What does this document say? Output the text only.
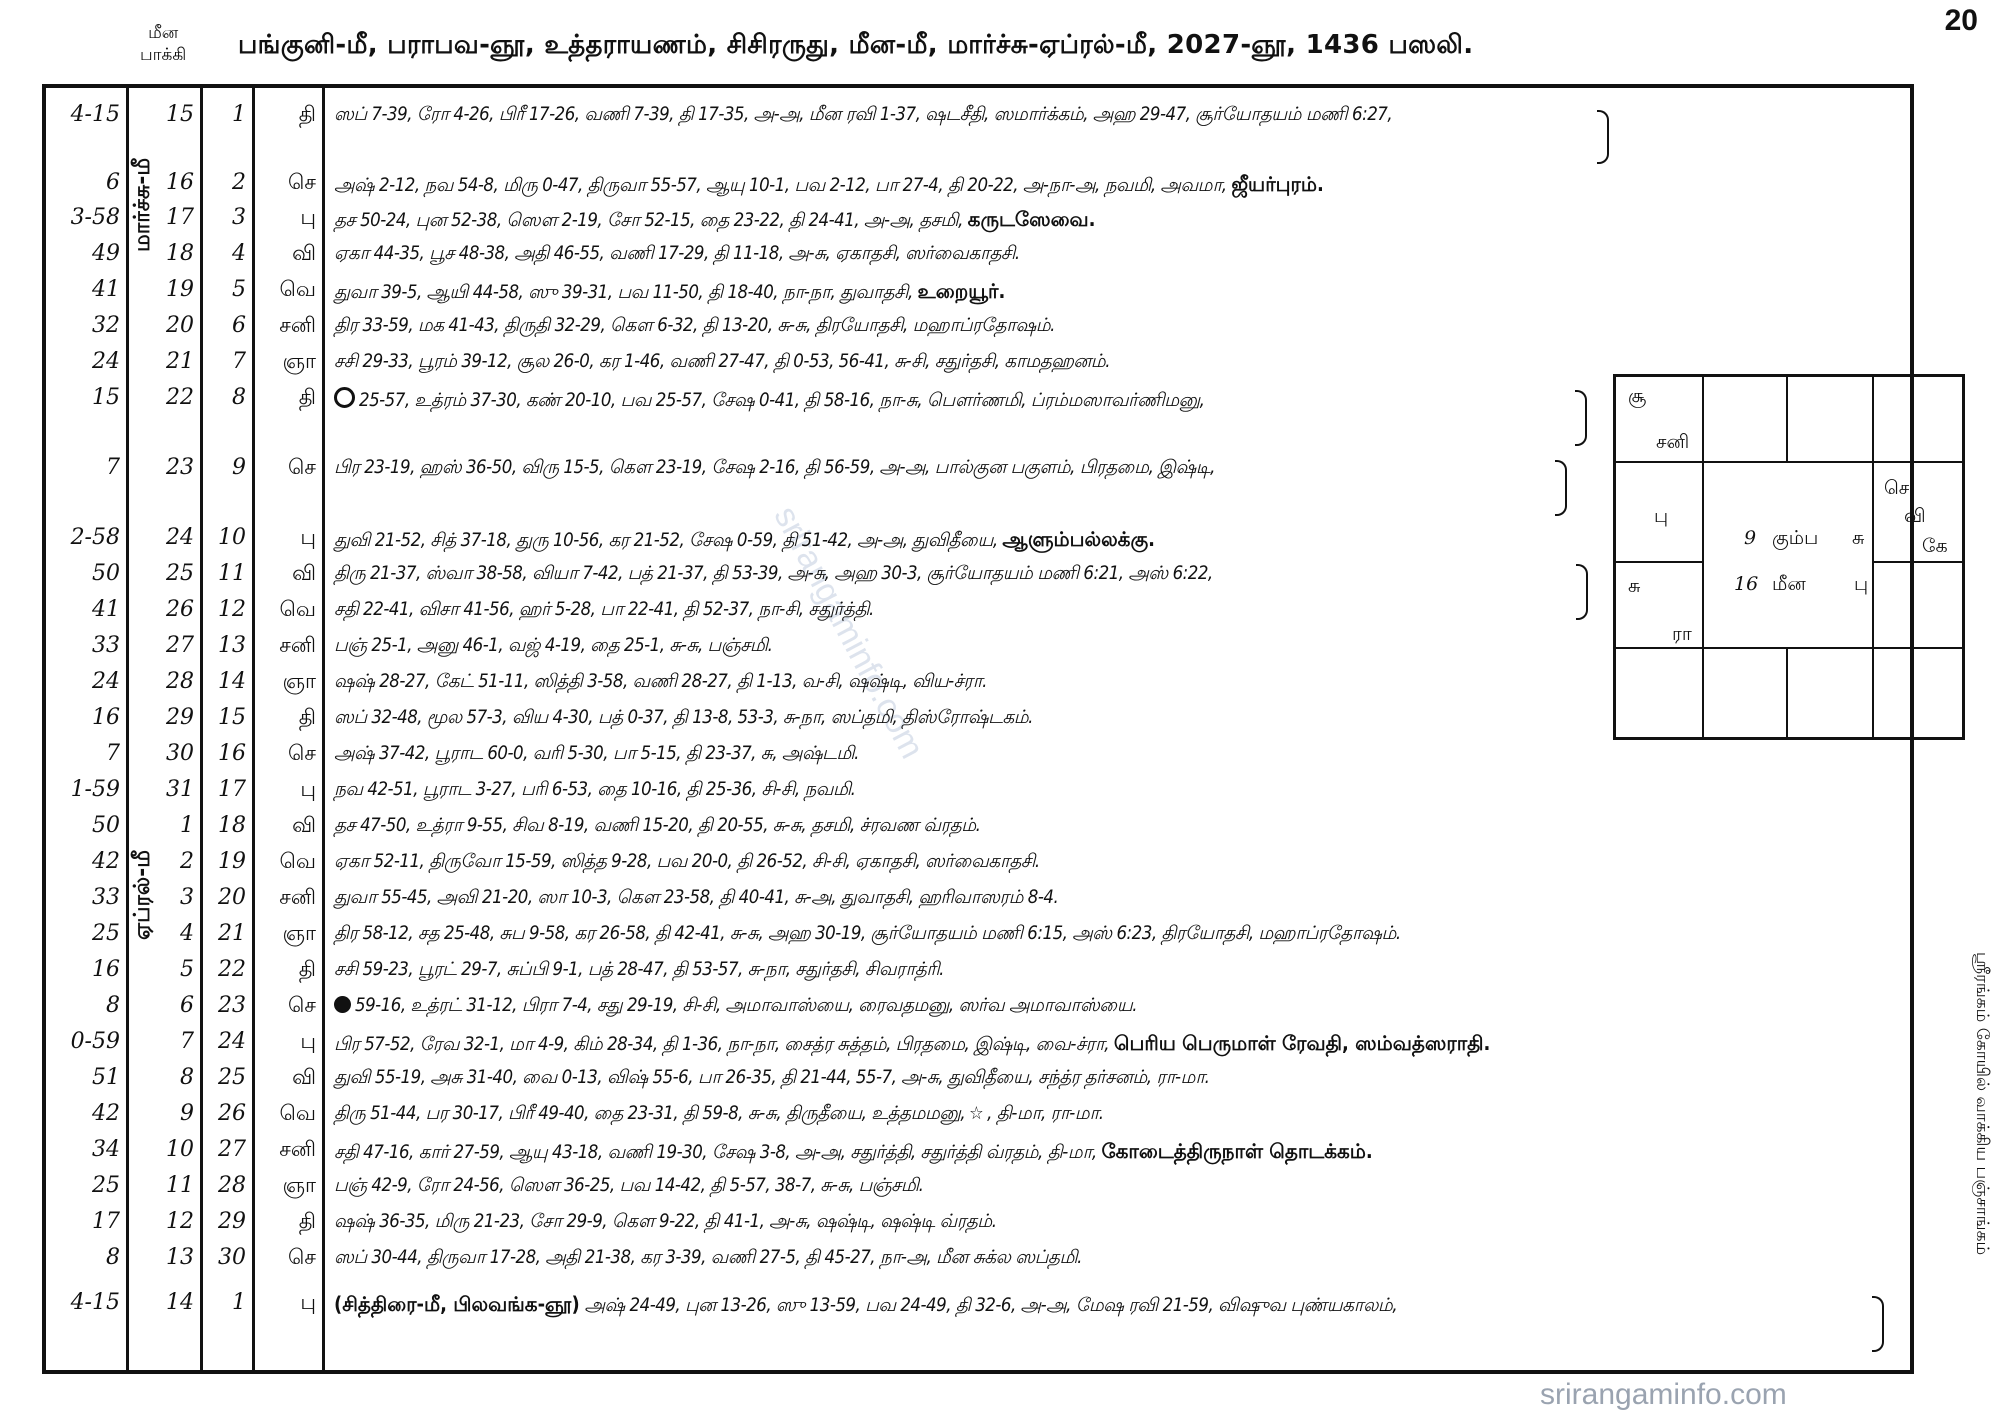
மீன
பாக்கி பங்குனி-மீ, பராபவ-ஞூ, உத்தராயணம், சிசிரருது, மீன-மீ, மார்ச்சு-ஏப்ரல்-மீ, 2027-ஞூ, 1436 பஸலி.
20
srirangaminfo.com
மார்ச்சு-மீ
ஏப்ரல்-மீ
4-15	15	1	தி ஸப் 7-39, ரோ 4-26, பிரீ 17-26, வணி 7-39, தி 17-35, அ-அ, மீன ரவி 1-37, ஷடசீதி, ஸமார்க்கம், அஹ 29-47, சூர்யோதயம் மணி 6:27,
6	16	2	செ அஷ் 2-12, நவ 54-8, மிரு 0-47, திருவா 55-57, ஆயு 10-1, பவ 2-12, பா 27-4, தி 20-22, அ-நா-அ, நவமி, அவமா, ஜீயர்புரம்.
3-58	17	3	பு தச 50-24, புன 52-38, ஸௌ 2-19, சோ 52-15, தை 23-22, தி 24-41, அ-அ, தசமி, கருடஸேவை.
49	18	4	வி ஏகா 44-35, பூச 48-38, அதி 46-55, வணி 17-29, தி 11-18, அ-சு, ஏகாதசி, ஸர்வைகாதசி.
41	19	5	வெ துவா 39-5, ஆயி 44-58, ஸு 39-31, பவ 11-50, தி 18-40, நா-நா, துவாதசி, உறையூர்.
32	20	6	சனி திர 33-59, மக 41-43, திருதி 32-29, கௌ 6-32, தி 13-20, சு-சு, திரயோதசி, மஹாப்ரதோஷம்.
24	21	7	ஞா சசி 29-33, பூரம் 39-12, சூல 26-0, கர 1-46, வணி 27-47, தி 0-53, 56-41, சு-சி, சதுர்தசி, காமதஹனம்.
15	22	8	தி	25-57, உத்ரம் 37-30, கண் 20-10, பவ 25-57, சேஷ 0-41, தி 58-16, நா-சு, பௌர்ணமி, ப்ரம்மஸாவர்ணிமனு,
7	23	9	செ பிர 23-19, ஹஸ் 36-50, விரு 15-5, கௌ 23-19, சேஷ 2-16, தி 56-59, அ-அ, பால்குன பகுளம், பிரதமை, இஷ்டி,
2-58	24	10	பு துவி 21-52, சித் 37-18, துரு 10-56, கர 21-52, சேஷ 0-59, தி 51-42, அ-அ, துவிதீயை, ஆளும்பல்லக்கு.
50	25	11	வி திரு 21-37, ஸ்வா 38-58, வியா 7-42, பத் 21-37, தி 53-39, அ-சு, அஹ 30-3, சூர்யோதயம் மணி 6:21, அஸ் 6:22,
41	26	12	வெ சதி 22-41, விசா 41-56, ஹர் 5-28, பா 22-41, தி 52-37, நா-சி, சதுர்த்தி.
33	27	13	சனி பஞ் 25-1, அனு 46-1, வஜ் 4-19, தை 25-1, சு-சு, பஞ்சமி.
24	28	14	ஞா ஷஷ் 28-27, கேட் 51-11, ஸித்தி 3-58, வணி 28-27, தி 1-13, வ-சி, ஷஷ்டி, விய-ச்ரா.
16	29	15	தி ஸப் 32-48, மூல 57-3, விய 4-30, பத் 0-37, தி 13-8, 53-3, சு-நா, ஸப்தமி, திஸ்ரோஷ்டகம்.
7	30	16	செ அஷ் 37-42, பூராட 60-0, வரி 5-30, பா 5-15, தி 23-37, சு, அஷ்டமி.
1-59	31	17	பு நவ 42-51, பூராட 3-27, பரி 6-53, தை 10-16, தி 25-36, சி-சி, நவமி.
50	1	18	வி தச 47-50, உத்ரா 9-55, சிவ 8-19, வணி 15-20, தி 20-55, சு-சு, தசமி, ச்ரவண வ்ரதம்.
42	2	19	வெ ஏகா 52-11, திருவோ 15-59, ஸித்த 9-28, பவ 20-0, தி 26-52, சி-சி, ஏகாதசி, ஸர்வைகாதசி.
33	3	20	சனி துவா 55-45, அவி 21-20, ஸா 10-3, கௌ 23-58, தி 40-41, சு-அ, துவாதசி, ஹரிவாஸரம் 8-4.
25	4	21	ஞா திர 58-12, சத 25-48, சுப 9-58, கர 26-58, தி 42-41, சு-சு, அஹ 30-19, சூர்யோதயம் மணி 6:15, அஸ் 6:23, திரயோதசி, மஹாப்ரதோஷம்.
16	5	22	தி சசி 59-23, பூரட் 29-7, சுப்பி 9-1, பத் 28-47, தி 53-57, சு-நா, சதுர்தசி, சிவராத்ரி.
8	6	23	செ	59-16, உத்ரட் 31-12, பிரா 7-4, சது 29-19, சி-சி, அமாவாஸ்யை, ரைவதமனு, ஸர்வ அமாவாஸ்யை.
0-59	7	24	பு பிர 57-52, ரேவ 32-1, மா 4-9, கிம் 28-34, தி 1-36, நா-நா, சைத்ர சுத்தம், பிரதமை, இஷ்டி, வை-ச்ரா, பெரிய பெருமாள் ரேவதி, ஸம்வத்ஸராதி.
51	8	25	வி துவி 55-19, அசு 31-40, வை 0-13, விஷ் 55-6, பா 26-35, தி 21-44, 55-7, அ-சு, துவிதீயை, சந்த்ர தர்சனம், ரா-மா.
42	9	26	வெ திரு 51-44, பர 30-17, பிரீ 49-40, தை 23-31, தி 59-8, சு-சு, திருதீயை, உத்தமமனு, ☆ , தி-மா, ரா-மா.
34	10	27	சனி சதி 47-16, கார் 27-59, ஆயு 43-18, வணி 19-30, சேஷ 3-8, அ-அ, சதுர்த்தி, சதுர்த்தி வ்ரதம், தி-மா, கோடைத்திருநாள் தொடக்கம்.
25	11	28	ஞா பஞ் 42-9, ரோ 24-56, ஸௌ 36-25, பவ 14-42, தி 5-57, 38-7, சு-சு, பஞ்சமி.
17	12	29	தி ஷஷ் 36-35, மிரு 21-23, சோ 29-9, கௌ 9-22, தி 41-1, அ-சு, ஷஷ்டி, ஷஷ்டி வ்ரதம்.
8	13	30	செ ஸப் 30-44, திருவா 17-28, அதி 21-38, கர 3-39, வணி 27-5, தி 45-27, நா-அ, மீன சுக்ல ஸப்தமி.
4-15	14	1	பு (சித்திரை-மீ, பிலவங்க-ஞூ) அஷ் 24-49, புன 13-26, ஸு 13-59, பவ 24-49, தி 32-6, அ-அ, மேஷ ரவி 21-59, விஷுவ புண்யகாலம்,
சூ
சனி
பு
செ
வி
கே
சு
ரா
9 கும்ப சு
16 மீன	பு
ஸ்ரீரங்கம் கோயில் வாக்கிய பஞ்சாங்கம்
srirangaminfo.com
